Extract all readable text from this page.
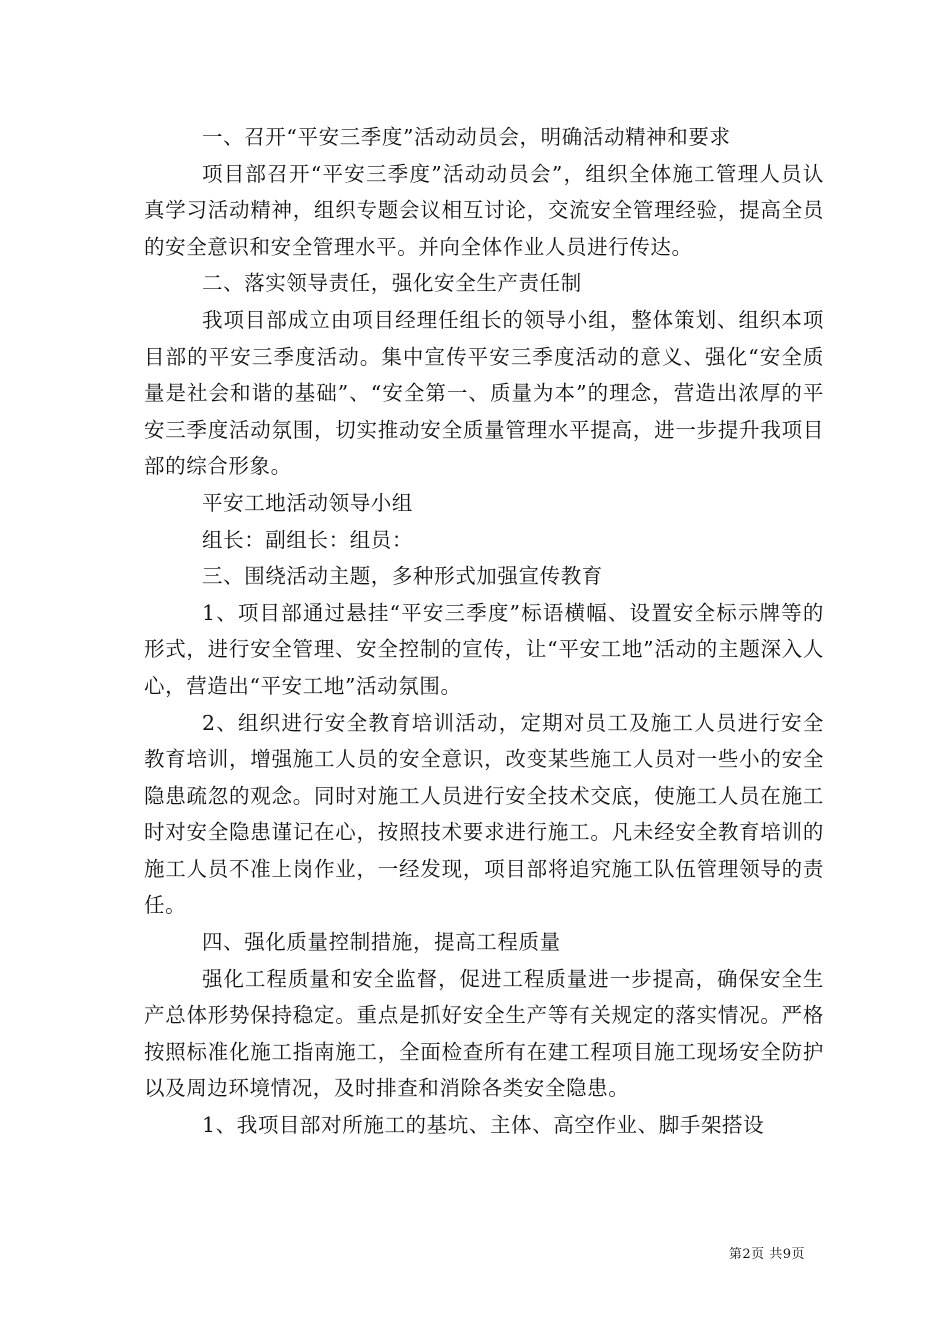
一、召开“平安三季度”活动动员会，明确活动精神和要求

项目部召开“平安三季度”活动动员会”，组织全体施工管理人员认真学习活动精神，组织专题会议相互讨论，交流安全管理经验，提高全员的安全意识和安全管理水平。并向全体作业人员进行传达。

二、落实领导责任，强化安全生产责任制

我项目部成立由项目经理任组长的领导小组，整体策划、组织本项目部的平安三季度活动。集中宣传平安三季度活动的意义、强化“安全质量是社会和谐的基础”、“安全第一、质量为本”的理念，营造出浓厚的平安三季度活动氛围，切实推动安全质量管理水平提高，进一步提升我项目部的综合形象。

平安工地活动领导小组

组长：副组长：组员：

三、围绕活动主题，多种形式加强宣传教育

1、项目部通过悬挂“平安三季度”标语横幅、设置安全标示牌等的形式，进行安全管理、安全控制的宣传，让“平安工地”活动的主题深入人心，营造出“平安工地”活动氛围。

2、组织进行安全教育培训活动，定期对员工及施工人员进行安全教育培训，增强施工人员的安全意识，改变某些施工人员对一些小的安全隐患疏忽的观念。同时对施工人员进行安全技术交底，使施工人员在施工时对安全隐患谨记在心，按照技术要求进行施工。凡未经安全教育培训的施工人员不准上岗作业，一经发现，项目部将追究施工队伍管理领导的责任。

四、强化质量控制措施，提高工程质量

强化工程质量和安全监督，促进工程质量进一步提高，确保安全生产总体形势保持稳定。重点是抓好安全生产等有关规定的落实情况。严格按照标准化施工指南施工，全面检查所有在建工程项目施工现场安全防护以及周边环境情况，及时排查和消除各类安全隐患。

1、我项目部对所施工的基坑、主体、高空作业、脚手架搭设

第2页 共9页
